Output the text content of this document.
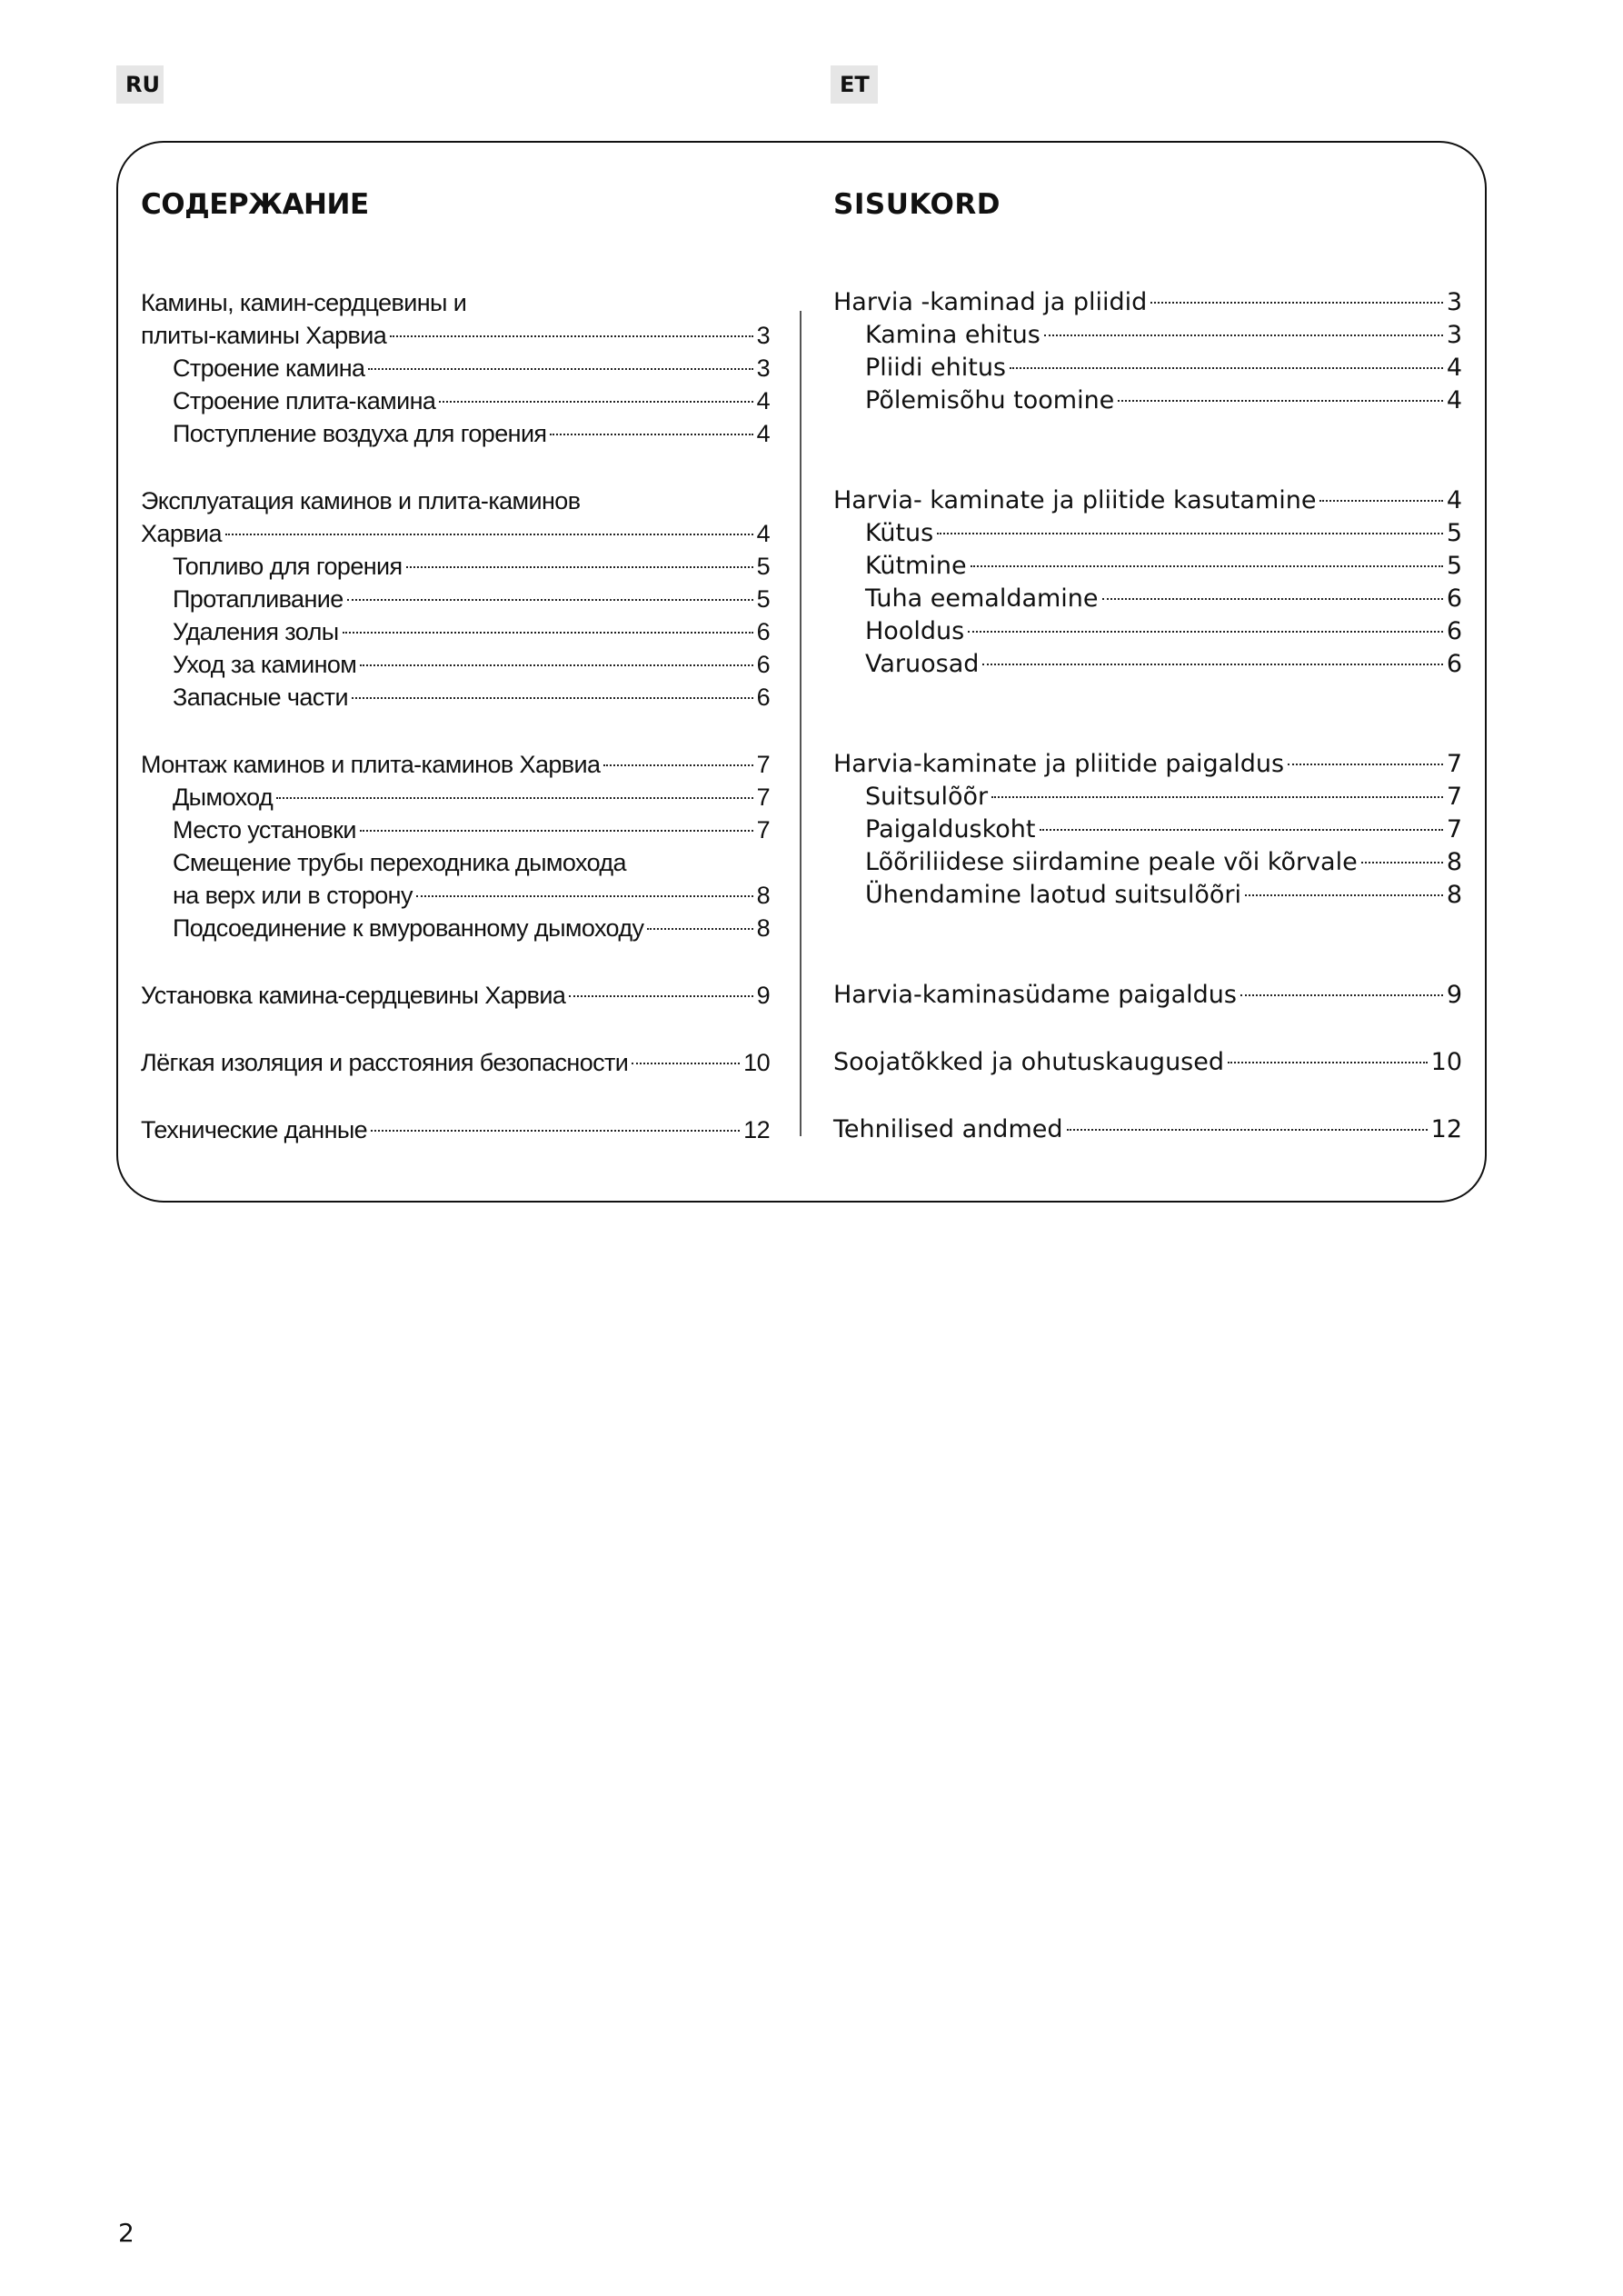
RU	ET
СОДЕРЖАНИЕ
Камины, камин-сердцевины и
плиты-камины Харвиа	3
Строение камина	3
Строение плита-камина	4
Поступление воздуха для горения	4
Эксплуатация каминов и плита-каминов
Харвиа	4
Топливо для горения	5
Протапливание	5
Удаления золы	6
Уход за камином	6
Запасные части	6
Монтаж каминов и плита-каминов Харвиа	7
Дымоход	7
Место установки	7
Смещение трубы переходника дымохода
на верх или в сторону	8
Подсоединение к вмурованному дымоходу	8
Установка камина-сердцевины Харвиа	9
Лёгкая изоляция и расстояния безопасности	10
Технические данные	12
SISUKORD
Harvia -kaminad ja pliidid	3
Kamina ehitus	3
Pliidi ehitus	4
Põlemisõhu toomine	4
Harvia- kaminate ja pliitide kasutamine	4
Kütus	5
Kütmine	5
Tuha eemaldamine	6
Hooldus	6
Varuosad	6
Harvia-kaminate ja pliitide paigaldus	7
Suitsulõõr	7
Paigalduskoht	7
Lõõriliidese siirdamine peale või kõrvale	8
Ühendamine laotud suitsulõõri	8
Harvia-kaminasüdame paigaldus	9
Soojatõkked ja ohutuskaugused	10
Tehnilised andmed	12
2
